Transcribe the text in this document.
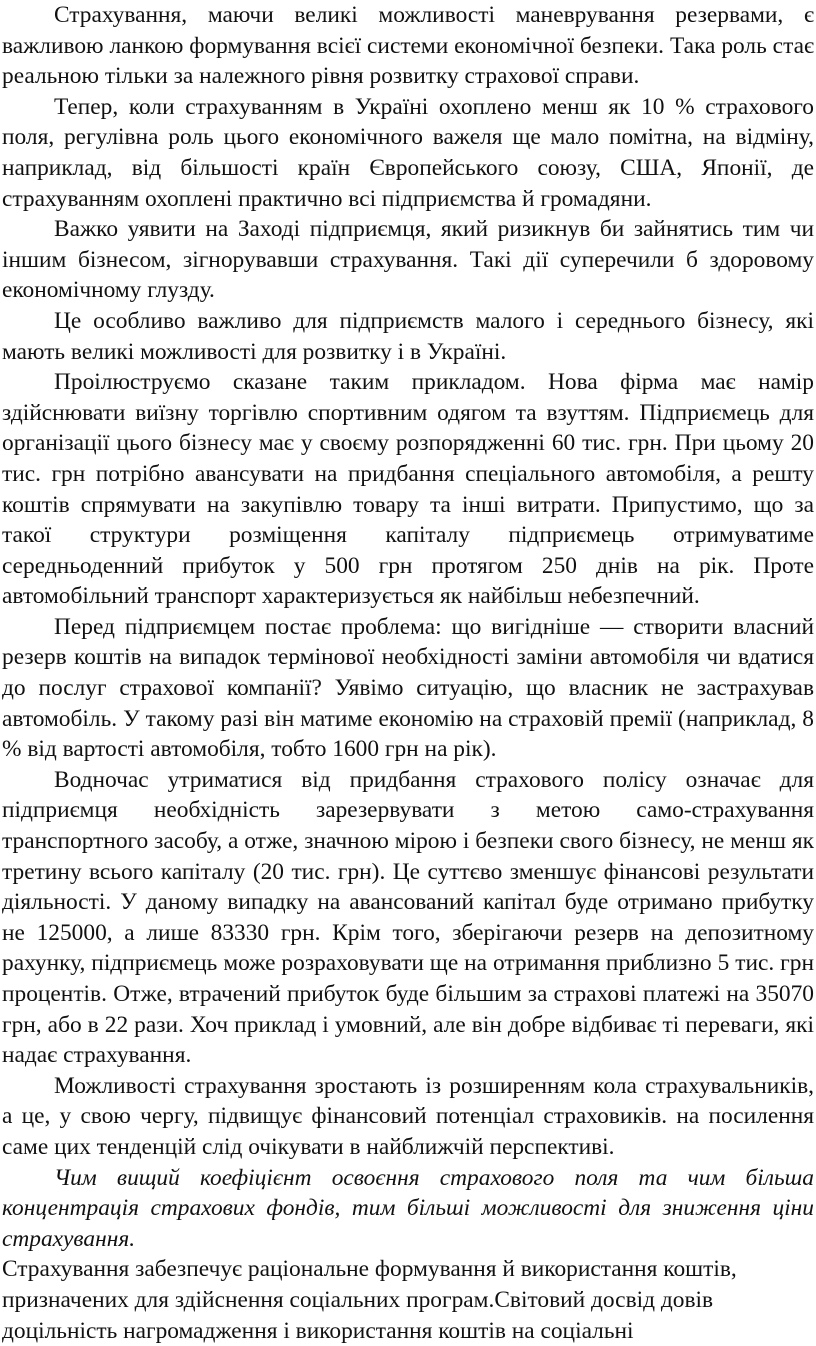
Страхування, маючи великі можливості маневрування резервами, є важливою ланкою формування всієї системи економічної безпеки. Така роль стає реальною тільки за належного рівня розвитку страхової справи.

Тепер, коли страхуванням в Україні охоплено менш як 10 % страхового поля, регулівна роль цього економічного важеля ще мало помітна, на відміну, наприклад, від більшості країн Європейського союзу, США, Японії, де страхуванням охоплені практично всі підприємства й громадяни.

Важко уявити на Заході підприємця, який ризикнув би зайнятись тим чи іншим бізнесом, зігнорувавши страхування. Такі дії суперечили б здоровому економічному глузду.

Це особливо важливо для підприємств малого і середнього бізнесу, які мають великі можливості для розвитку і в Україні.

Проілюструємо сказане таким прикладом. Нова фірма має намір здійснювати виїзну торгівлю спортивним одягом та взуттям. Підприємець для організації цього бізнесу має у своєму розпорядженні 60 тис. грн. При цьому 20 тис. грн потрібно авансувати на придбання спеціального автомобіля, а решту коштів спрямувати на закупівлю товару та інші витрати. Припустимо, що за такої структури розміщення капіталу підприємець отримуватиме середньоденний прибуток у 500 грн протягом 250 днів на рік. Проте автомобільний транспорт характеризується як найбільш небезпечний.

Перед підприємцем постає проблема: що вигідніше — створити власний резерв коштів на випадок термінової необхідності заміни автомобіля чи вдатися до послуг страхової компанії? Уявімо ситуацію, що власник не застрахував автомобіль. У такому разі він матиме економію на страховій премії (наприклад, 8 % від вартості автомобіля, тобто 1600 грн на рік).

Водночас утриматися від придбання страхового полісу означає для підприємця необхідність зарезервувати з метою само-страхування транспортного засобу, а отже, значною мірою і безпеки свого бізнесу, не менш як третину всього капіталу (20 тис. грн). Це суттєво зменшує фінансові результати діяльності. У даному випадку на авансований капітал буде отримано прибутку не 125000, а лише 83330 грн. Крім того, зберігаючи резерв на депозитному рахунку, підприємець може розраховувати ще на отримання приблизно 5 тис. грн процентів. Отже, втрачений прибуток буде більшим за страхові платежі на 35070 грн, або в 22 рази. Хоч приклад і умовний, але він добре відбиває ті переваги, які надає страхування.

Можливості страхування зростають із розширенням кола страхувальників, а це, у свою чергу, підвищує фінансовий потенціал страховиків. на посилення саме цих тенденцій слід очікувати в найближчій перспективі.

Чим вищий коефіцієнт освоєння страхового поля та чим більша концентрація страхових фондів, тим більші можливості для зниження ціни страхування.

Страхування забезпечує раціональне формування й використання коштів, призначених для здійснення соціальних програм.Світовий досвід довів доцільність нагромадження і використання коштів на соціальні
